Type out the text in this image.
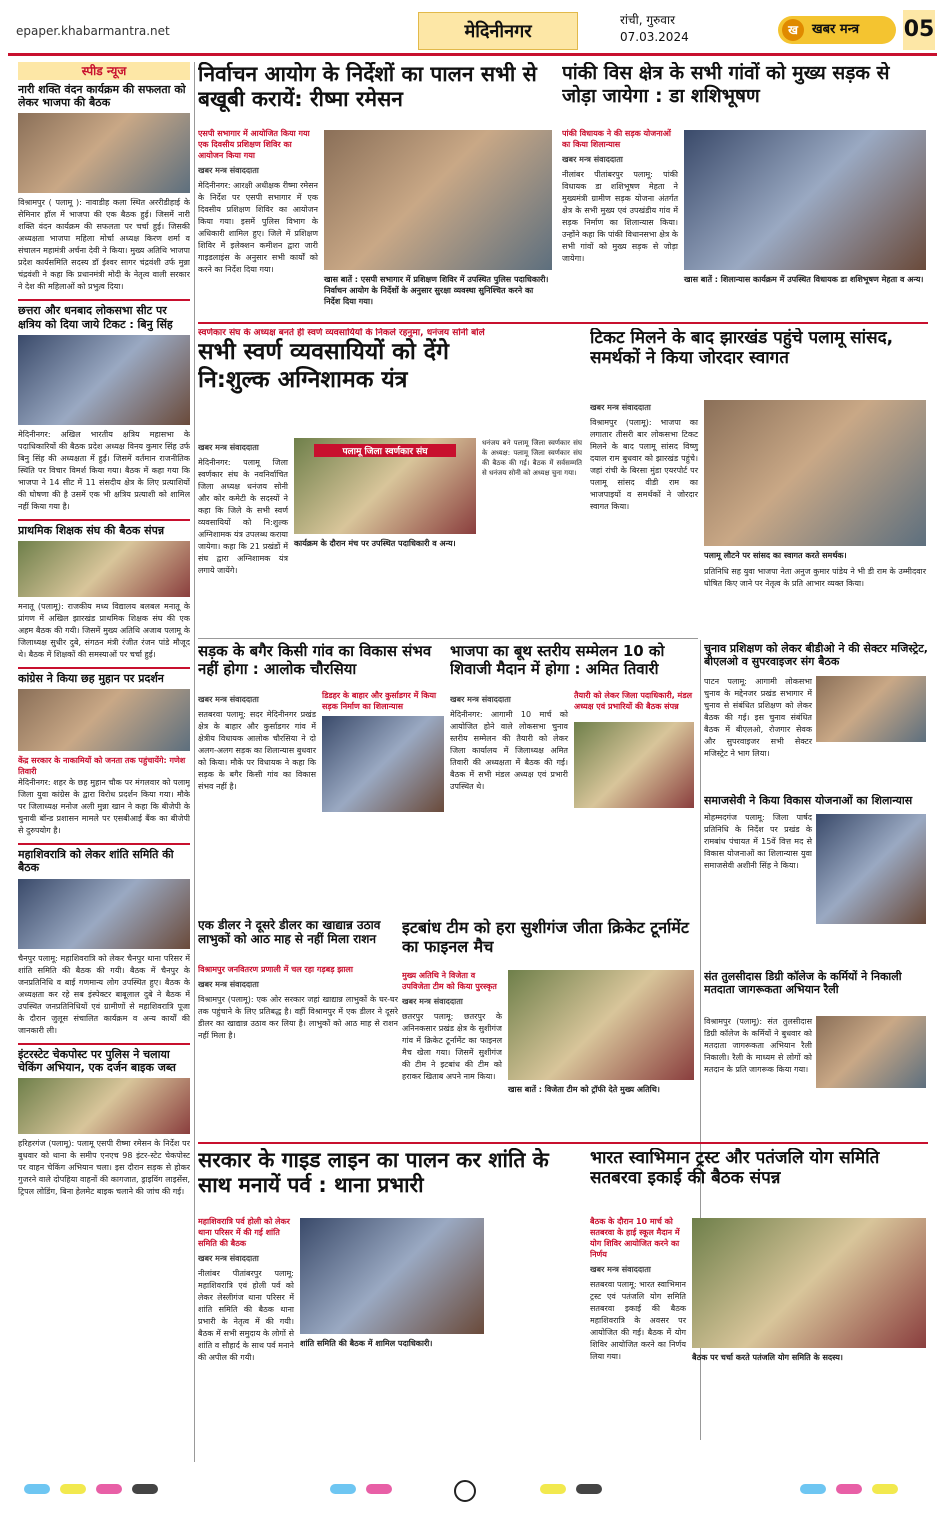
epaper.khabarmantra.net	मेदिनीनगर
रांची, गुरुवार
07.03.2024	ख	खबर मन्त्र	05
स्पीड न्यूज
नारी शक्ति वंदन कार्यक्रम की सफलता को लेकर भाजपा की बैठक
विश्रामपुर ( पलामू ): नावाडीह कला स्थित अररीडीहाई के सेमिनार हॉल में भाजपा की एक बैठक हुई। जिसमें नारी शक्ति वंदन कार्यक्रम की सफलता पर चर्चा हुई। जिसकी अध्यक्षता भाजपा महिला मोर्चा अध्यक्ष किरण शर्मा व संचालन महामंत्री अर्चना देवी ने किया। मुख्य अतिथि भाजपा प्रदेश कार्यसमिति सदस्य डॉ ईश्वर सागर चंद्रवंशी उर्फ मुन्ना चंद्रवंशी ने कहा कि प्रधानमंत्री मोदी के नेतृत्व वाली सरकार ने देश की महिलाओं को प्रभुत्व दिया।
छत्तरा और धनबाद लोकसभा सीट पर क्षत्रिय को दिया जाये टिकट : बिनु सिंह
मेदिनीनगर: अखिल भारतीय क्षत्रिय महासभा के पदाधिकारियों की बैठक प्रदेश अध्यक्ष विनय कुमार सिंह उर्फ बिनु सिंह की अध्यक्षता में हुई। जिसमें वर्तमान राजनीतिक स्थिति पर विचार विमर्श किया गया। बैठक में कहा गया कि भाजपा ने 14 सीट में 11 संसदीय क्षेत्र के लिए प्रत्याशियों की घोषणा की है उसमें एक भी क्षत्रिय प्रत्याशी को शामिल नहीं किया गया है।
प्राथमिक शिक्षक संघ की बैठक संपन्न
मनातू (पलामू): राजकीय मध्य विद्यालय बलबल मनातू के प्रांगण में अखिल झारखंड प्राथमिक शिक्षक संघ की एक अहम बैठक की गयी। जिसमें मुख्य अतिथि अजाब पलामू के जिलाध्यक्ष सुधीर दुबे, संगठन मंत्री रंजीत रंजन पांडे मौजूद थे। बैठक में शिक्षकों की समस्याओं पर चर्चा हुई।
कांग्रेस ने किया छह मुहान पर प्रदर्शन
केंद्र सरकार के नाकामियों को जनता तक पहुंचायेंगे: गणेश तिवारी
मेदिनीनगर: शहर के छह मुहान चौक पर मंगलवार को पलामू जिला युवा कांग्रेस के द्वारा विरोध प्रदर्शन किया गया। मौके पर जिलाध्यक्ष मनोज अली मुन्ना खान ने कहा कि बीजेपी के चुनावी बॉन्ड प्रशासन मामले पर एसबीआई बैंक का बीजेपी से दुरुपयोग है।
महाशिवरात्रि को लेकर शांति समिति की बैठक
चैनपुर पलामू: महाशिवरात्रि को लेकर चैनपुर थाना परिसर में शांति समिति की बैठक की गयी। बैठक में चैनपुर के जनप्रतिनिधि व बाई गणमान्य लोग उपस्थित हुए। बैठक के अध्यक्षता कर रहे सब इंस्पेक्टर बाबूलाल दुबे ने बैठक में उपस्थित जनप्रतिनिधियों एवं ग्रामीणों से महाशिवरात्रि पूजा के दौरान जुलूस संचालित कार्यक्रम व अन्य कार्यों की जानकारी ली।
इंटरस्टेट चेकपोस्ट पर पुलिस ने चलाया चेकिंग अभियान, एक दर्जन बाइक जब्त
हरिहरगंज (पलामू): पलामू एसपी रीष्मा रमेसन के निर्देश पर बुधवार को थाना के समीप एनएच 98 इंटर-स्टेट चेकपोस्ट पर वाहन चेकिंग अभियान चला। इस दौरान सड़क से होकर गुजरने वाले दोपहिया वाहनों की कागजात, ड्राइविंग लाइसेंस, ट्रिपल लोडिंग, बिना हेलमेट बाइक चलाने की जांच की गई।
निर्वाचन आयोग के निर्देशों का पालन सभी से बखूबी करायें: रीष्मा रमेसन
एसपी सभागार में आयोजित किया गया एक दिवसीय प्रशिक्षण शिविर का आयोजन किया गया
खबर मन्त्र संवाददाता
मेदिनीनगर: आरक्षी अधीक्षक रीष्मा रमेसन के निर्देश पर एसपी सभागार में एक दिवसीय प्रशिक्षण शिविर का आयोजन किया गया। इसमें पुलिस विभाग के अधिकारी शामिल हुए। जिले में प्रशिक्षण शिविर में इलेक्शन कमीशन द्वारा जारी गाइडलाइंस के अनुसार सभी कार्यों को करने का निर्देश दिया गया।
खास बातें : एसपी सभागार में प्रशिक्षण शिविर में उपस्थित पुलिस पदाधिकारी। निर्वाचन आयोग के निर्देशों के अनुसार सुरक्षा व्यवस्था सुनिश्चित करने का निर्देश दिया गया।
पांकी विस क्षेत्र के सभी गांवों को मुख्य सड़क से जोड़ा जायेगा : डा शशिभूषण
पांकी विधायक ने की सड़क योजनाओं का किया शिलान्यास
खबर मन्त्र संवाददाता
नीलांबर पीतांबरपुर पलामू: पांकी विधायक डा शशिभूषण मेहता ने मुख्यमंत्री ग्रामीण सड़क योजना अंतर्गत क्षेत्र के सभी मुख्य एवं उपखंडीय गांव में सड़क निर्माण का शिलान्यास किया। उन्होंने कहा कि पांकी विधानसभा क्षेत्र के सभी गांवों को मुख्य सड़क से जोड़ा जायेगा।
खास बातें : शिलान्यास कार्यक्रम में उपस्थित विधायक डा शशिभूषण मेहता व अन्य।
स्वर्णकार संघ के अध्यक्ष बनते ही स्वर्ण व्यवसायियों के निकले रहनुमा, धनंजय सोनी बोले
सभी स्वर्ण व्यवसायियों को देंगे
नि:शुल्क अग्निशामक यंत्र
खबर मन्त्र संवाददाता
मेदिनीनगर: पलामू जिला स्वर्णकार संघ के नवनिर्वाचित जिला अध्यक्ष धनंजय सोनी और कोर कमेटी के सदस्यों ने कहा कि जिले के सभी स्वर्ण व्यवसायियों को नि:शुल्क अग्निशामक यंत्र उपलब्ध कराया जायेगा। कहा कि 21 प्रखंडों में संघ द्वारा अग्निशामक यंत्र लगाये जायेंगे।
पलामू जिला स्वर्णकार संघ
कार्यक्रम के दौरान मंच पर उपस्थित पदाधिकारी व अन्य।
धनंजय बने पलामू जिला स्वर्णकार संघ के अध्यक्ष: पलामू जिला स्वर्णकार संघ की बैठक की गई। बैठक में सर्वसम्मति से धनंजय सोनी को अध्यक्ष चुना गया।
टिकट मिलने के बाद झारखंड पहुंचे पलामू सांसद, समर्थकों ने किया जोरदार स्वागत
खबर मन्त्र संवाददाता
विश्रामपुर (पलामू): भाजपा का लगातार तीसरी बार लोकसभा टिकट मिलने के बाद पलामू सांसद विष्णु दयाल राम बुधवार को झारखंड पहुंचे। जहां रांची के बिरसा मुंडा एयरपोर्ट पर पलामू सांसद वीडी राम का भाजपाइयों व समर्थकों ने जोरदार स्वागत किया।
पलामू लौटने पर सांसद का स्वागत करते समर्थक।
प्रतिनिधि सह युवा भाजपा नेता अनुज कुमार पांडेय ने भी डी राम के उम्मीदवार घोषित किए जाने पर नेतृत्व के प्रति आभार व्यक्त किया।
सड़क के बगैर किसी गांव का विकास संभव नहीं होगा : आलोक चौरसिया
खबर मन्त्र संवाददाता
सतबरवा पलामू: सदर मेदिनीनगर प्रखंड क्षेत्र के बाहार और कुर्साडगर गांव में क्षेत्रीय विधायक आलोक चौरसिया ने दो अलग-अलग सड़क का शिलान्यास बुधवार को किया। मौके पर विधायक ने कहा कि सड़क के बगैर किसी गांव का विकास संभव नहीं है।
डिडहर के बाहार और कुर्साडगर में किया सड़क निर्माण का शिलान्यास
भाजपा का बूथ स्तरीय सम्मेलन 10 को शिवाजी मैदान में होगा : अमित तिवारी
खबर मन्त्र संवाददाता
मेदिनीनगर: आगामी 10 मार्च को आयोजित होने वाले लोकसभा चुनाव स्तरीय सम्मेलन की तैयारी को लेकर जिला कार्यालय में जिलाध्यक्ष अमित तिवारी की अध्यक्षता में बैठक की गई। बैठक में सभी मंडल अध्यक्ष एवं प्रभारी उपस्थित थे।
तैयारी को लेकर जिला पदाधिकारी, मंडल अध्यक्ष एवं प्रभारियों की बैठक संपन्न
चुनाव प्रशिक्षण को लेकर बीडीओ ने की सेक्टर मजिस्ट्रेट, बीएलओ व सुपरवाइजर संग बैठक
पाटन पलामू: आगामी लोकसभा चुनाव के मद्देनजर प्रखंड सभागार में चुनाव से संबंधित प्रशिक्षण को लेकर बैठक की गई। इस चुनाव संबंधित बैठक में बीएलओ, रोजगार सेवक और सुपरवाइजर सभी सेक्टर मजिस्ट्रेट ने भाग लिया।
समाजसेवी ने किया विकास योजनाओं का शिलान्यास
मोहम्मदगंज पलामू: जिला पार्षद प्रतिनिधि के निर्देश पर प्रखंड के रामबांध पंचायत में 15वें वित्त मद से विकास योजनाओं का शिलान्यास युवा समाजसेवी अशीनी सिंह ने किया।
एक डीलर ने दूसरे डीलर का खाद्यान्न उठाव लाभुकों को आठ माह से नहीं मिला राशन
विश्रामपुर जनवितरण प्रणाली में चल रहा गड़बड़ झाला
खबर मन्त्र संवाददाता
विश्रामपुर (पलामू): एक ओर सरकार जहां खाद्यान्न लाभुकों के घर-घर तक पहुंचाने के लिए प्रतिबद्ध है। वहीं विश्रामपुर में एक डीलर ने दूसरे डीलर का खाद्यान्न उठाव कर लिया है। लाभुकों को आठ माह से राशन नहीं मिला है।
इटबांध टीम को हरा सुशीगंज जीता क्रिकेट टूर्नामेंट का फाइनल मैच
मुख्य अतिथि ने विजेता व उपविजेता टीम को किया पुरस्कृत
खबर मन्त्र संवाददाता
छतरपुर पलामू: छतरपुर के अनिनकसार प्रखंड क्षेत्र के सुशीगंज गांव में क्रिकेट टूर्नामेंट का फाइनल मैच खेला गया। जिसमें सुशीगंज की टीम ने इटबांध की टीम को हराकर खिताब अपने नाम किया।
खास बातें : विजेता टीम को ट्रॉफी देते मुख्य अतिथि।
संत तुलसीदास डिग्री कॉलेज के कर्मियों ने निकाली मतदाता जागरूकता अभियान रैली
विश्रामपुर (पलामू): संत तुलसीदास डिग्री कॉलेज के कर्मियों ने बुधवार को मतदाता जागरूकता अभियान रैली निकाली। रैली के माध्यम से लोगों को मतदान के प्रति जागरूक किया गया।
सरकार के गाइड लाइन का पालन कर शांति के साथ मनायें पर्व : थाना प्रभारी
महाशिवरात्रि पर्व होली को लेकर थाना परिसर में की गई शांति समिति की बैठक
खबर मन्त्र संवाददाता
नीलांबर पीतांबरपुर पलामू: महाशिवरात्रि एवं होली पर्व को लेकर लेस्लीगंज थाना परिसर में शांति समिति की बैठक थाना प्रभारी के नेतृत्व में की गयी। बैठक में सभी समुदाय के लोगों से शांति व सौहार्द के साथ पर्व मनाने की अपील की गयी।
शांति समिति की बैठक में शामिल पदाधिकारी।
भारत स्वाभिमान ट्रस्ट और पतंजलि योग समिति सतबरवा इकाई की बैठक संपन्न
बैठक के दौरान 10 मार्च को सतबरवा के हाई स्कूल मैदान में योग शिविर आयोजित करने का निर्णय
खबर मन्त्र संवाददाता
सतबरवा पलामू: भारत स्वाभिमान ट्रस्ट एवं पतंजलि योग समिति सतबरवा इकाई की बैठक महाशिवरात्रि के अवसर पर आयोजित की गई। बैठक में योग शिविर आयोजित करने का निर्णय लिया गया।	बैठक पर चर्चा करते पतंजलि योग समिति के सदस्य।
